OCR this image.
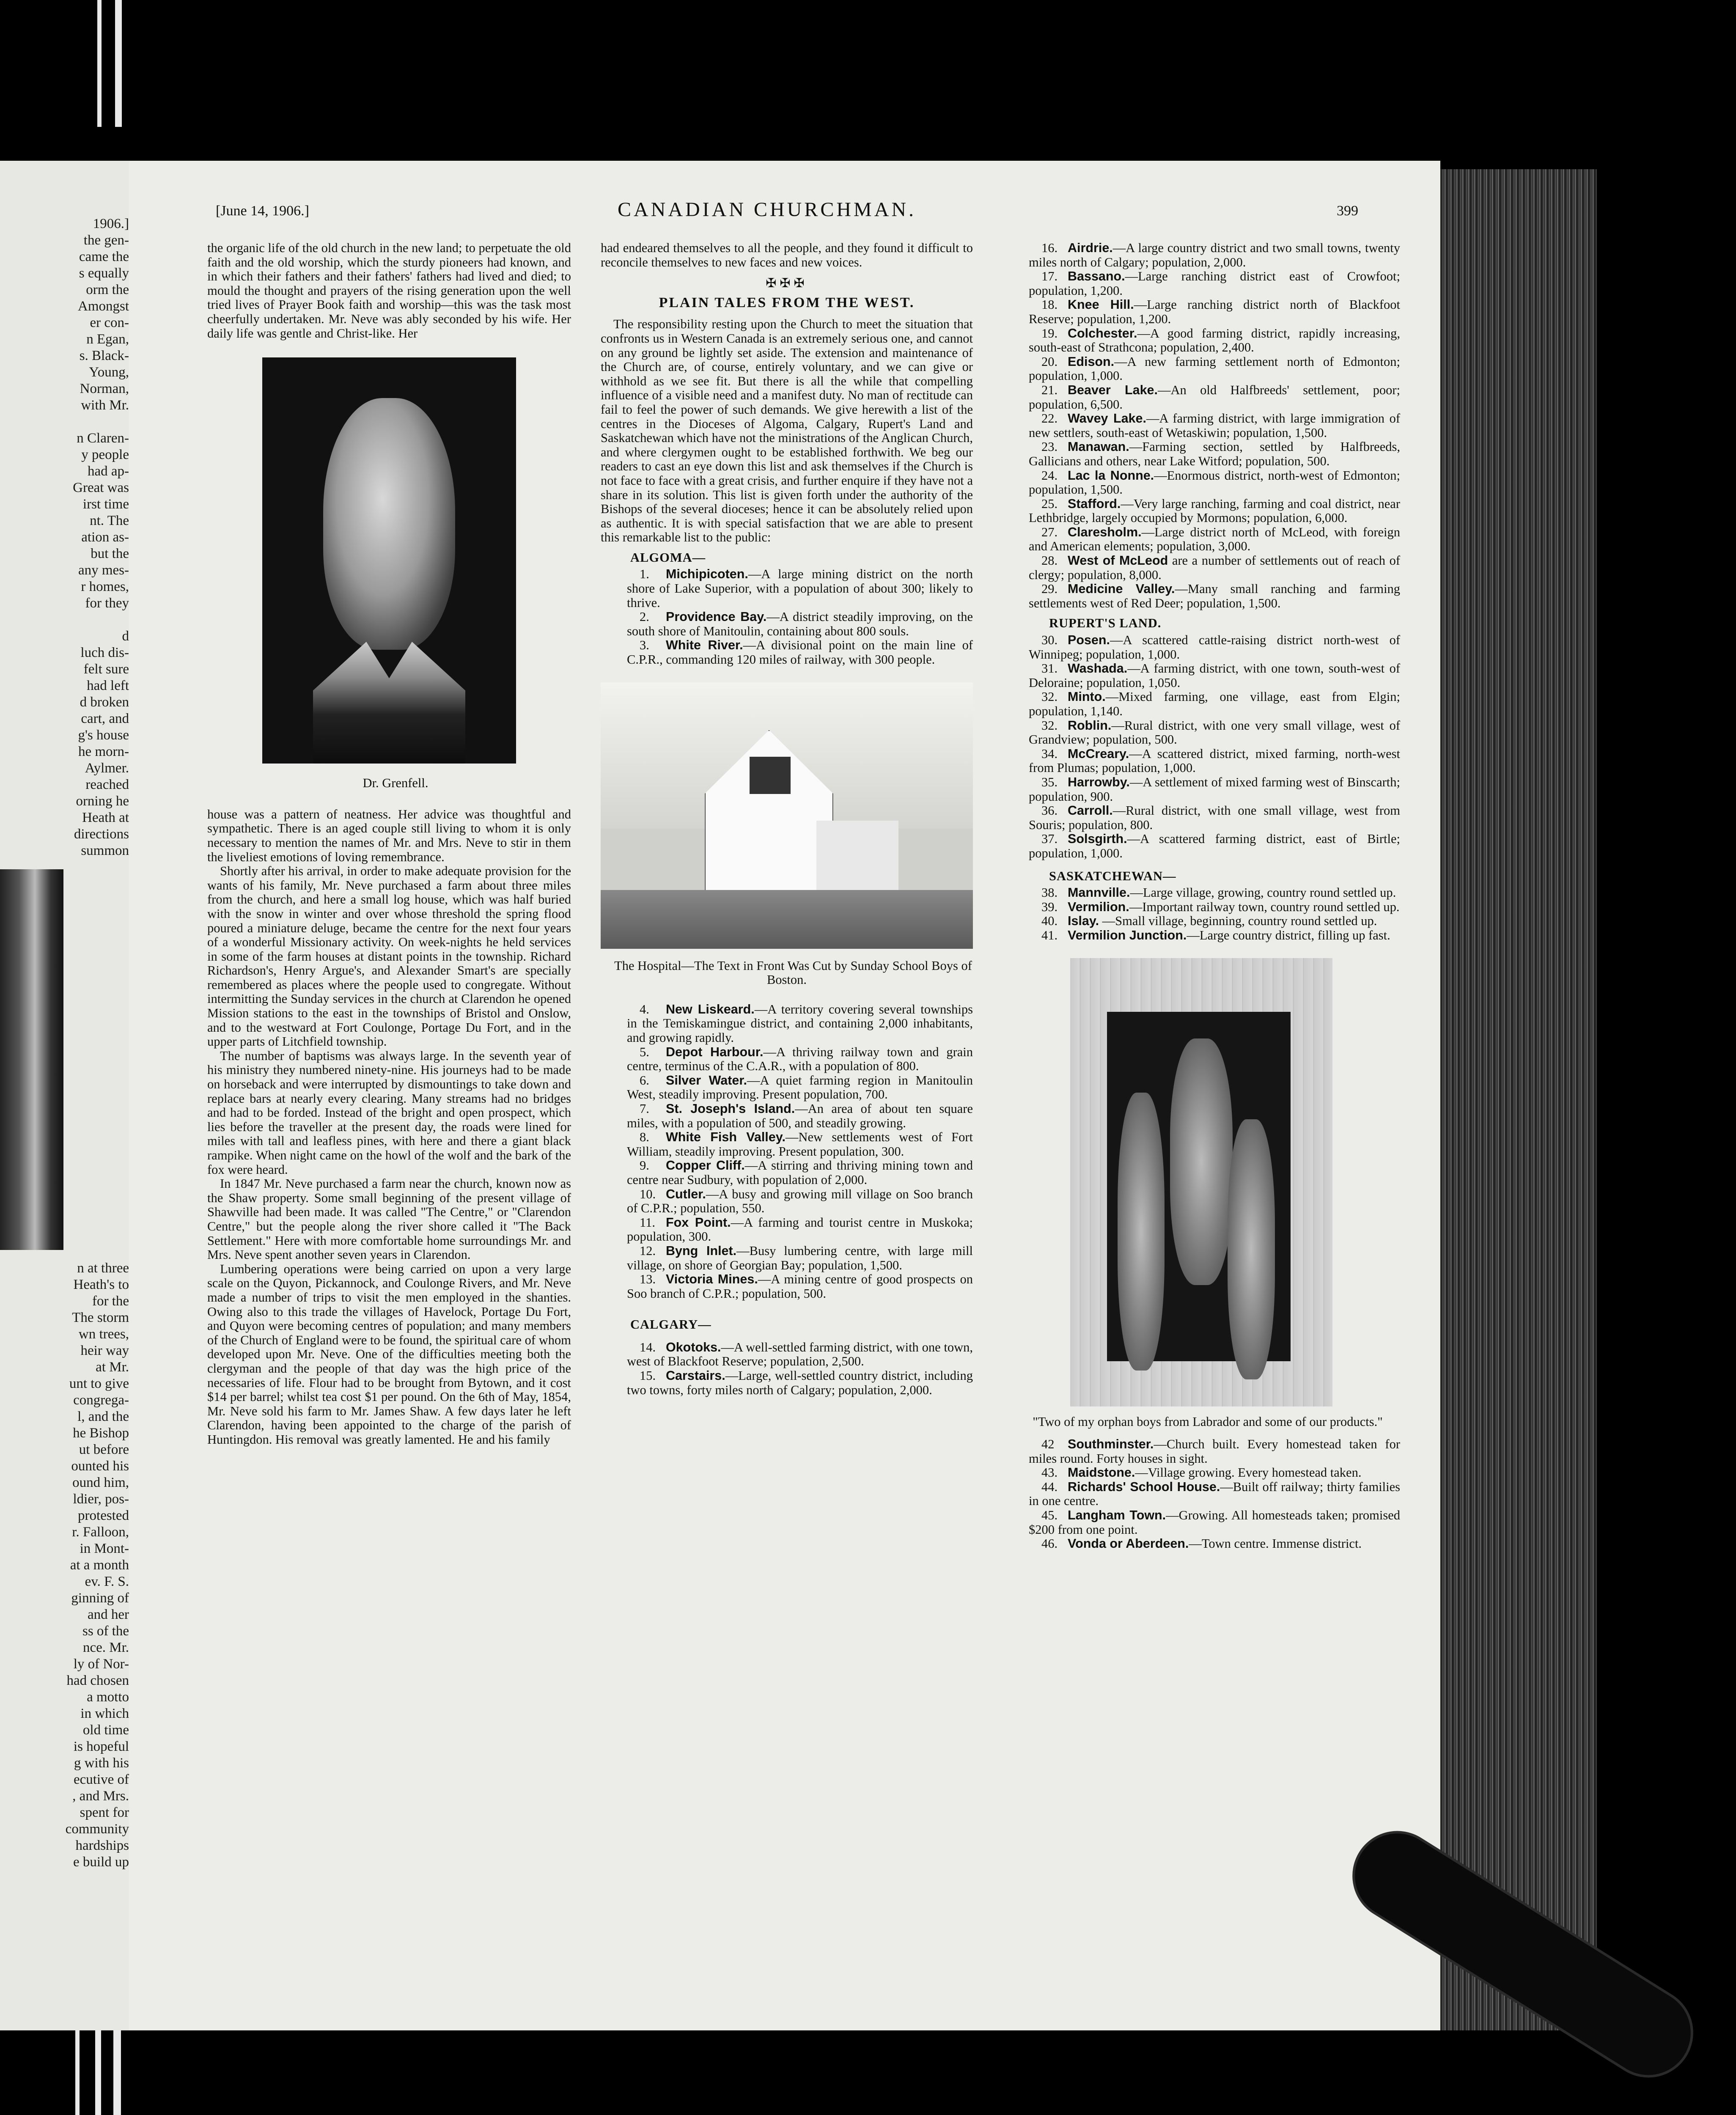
1906.]
the gen-
came the
s equally
orm the
Amongst
er con-
n Egan,
s. Black-
Young,
Norman,
with Mr.

n Claren-
y people
had ap-
Great was
irst time
nt. The
ation as-
but the
any mes-
r homes,
for they

d
luch dis-
felt sure
had left
d broken
cart, and
g's house
he morn-
Aylmer.
reached
orning he
Heath at
directions
summon
n at three
Heath's to
for the
The storm
wn trees,
heir way
at Mr.
unt to give
congrega-
l, and the
he Bishop
ut before
ounted his
ound him,
ldier, pos-
protested
r. Falloon,
in Mont-
at a month
ev. F. S.
ginning of
and her
ss of the
nce. Mr.
ly of Nor-
had chosen
a motto
in which
old time
is hopeful
g with his
ecutive of
, and Mrs.
spent for
community
hardships
e build up
[June 14, 1906.]	CANADIAN CHURCHMAN.	399

the organic life of the old church in the new land; to perpetuate the old faith and the old worship, which the sturdy pioneers had known, and in which their fathers and their fathers' fathers had lived and died; to mould the thought and prayers of the rising generation upon the well tried lives of Prayer Book faith and worship—this was the task most cheerfully undertaken. Mr. Neve was ably seconded by his wife. Her daily life was gentle and Christ-like. Her

Dr. Grenfell.

house was a pattern of neatness. Her advice was thoughtful and sympathetic. There is an aged couple still living to whom it is only necessary to mention the names of Mr. and Mrs. Neve to stir in them the liveliest emotions of loving remembrance.

Shortly after his arrival, in order to make adequate provision for the wants of his family, Mr. Neve purchased a farm about three miles from the church, and here a small log house, which was half buried with the snow in winter and over whose threshold the spring flood poured a miniature deluge, became the centre for the next four years of a wonderful Missionary activity. On week-nights he held services in some of the farm houses at distant points in the township. Richard Richardson's, Henry Argue's, and Alexander Smart's are specially remembered as places where the people used to congregate. Without intermitting the Sunday services in the church at Clarendon he opened Mission stations to the east in the townships of Bristol and Onslow, and to the westward at Fort Coulonge, Portage Du Fort, and in the upper parts of Litchfield township.

The number of baptisms was always large. In the seventh year of his ministry they numbered ninety-nine. His journeys had to be made on horseback and were interrupted by dismountings to take down and replace bars at nearly every clearing. Many streams had no bridges and had to be forded. Instead of the bright and open prospect, which lies before the traveller at the present day, the roads were lined for miles with tall and leafless pines, with here and there a giant black rampike. When night came on the howl of the wolf and the bark of the fox were heard.

In 1847 Mr. Neve purchased a farm near the church, known now as the Shaw property. Some small beginning of the present village of Shawville had been made. It was called "The Centre," or "Clarendon Centre," but the people along the river shore called it "The Back Settlement." Here with more comfortable home surroundings Mr. and Mrs. Neve spent another seven years in Clarendon.

Lumbering operations were being carried on upon a very large scale on the Quyon, Pickannock, and Coulonge Rivers, and Mr. Neve made a number of trips to visit the men employed in the shanties. Owing also to this trade the villages of Havelock, Portage Du Fort, and Quyon were becoming centres of population; and many members of the Church of England were to be found, the spiritual care of whom developed upon Mr. Neve. One of the difficulties meeting both the clergyman and the people of that day was the high price of the necessaries of life. Flour had to be brought from Bytown, and it cost $14 per barrel; whilst tea cost $1 per pound. On the 6th of May, 1854, Mr. Neve sold his farm to Mr. James Shaw. A few days later he left Clarendon, having been appointed to the charge of the parish of Huntingdon. His removal was greatly lamented. He and his family

had endeared themselves to all the people, and they found it difficult to reconcile themselves to new faces and new voices.

✠✠✠
PLAIN TALES FROM THE WEST.

The responsibility resting upon the Church to meet the situation that confronts us in Western Canada is an extremely serious one, and cannot on any ground be lightly set aside. The extension and maintenance of the Church are, of course, entirely voluntary, and we can give or withhold as we see fit. But there is all the while that compelling influence of a visible need and a manifest duty. No man of rectitude can fail to feel the power of such demands. We give herewith a list of the centres in the Dioceses of Algoma, Calgary, Rupert's Land and Saskatchewan which have not the ministrations of the Anglican Church, and where clergymen ought to be established forthwith. We beg our readers to cast an eye down this list and ask themselves if the Church is not face to face with a great crisis, and further enquire if they have not a share in its solution. This list is given forth under the authority of the Bishops of the several dioceses; hence it can be absolutely relied upon as authentic. It is with special satisfaction that we are able to present this remarkable list to the public:

ALGOMA—

1. Michipicoten.—A large mining district on the north shore of Lake Superior, with a population of about 300; likely to thrive.

2. Providence Bay.—A district steadily improving, on the south shore of Manitoulin, containing about 800 souls.

3. White River.—A divisional point on the main line of C.P.R., commanding 120 miles of railway, with 300 people.

The Hospital—The Text in Front Was Cut by Sunday School Boys of Boston.

4. New Liskeard.—A territory covering several townships in the Temiskamingue district, and containing 2,000 inhabitants, and growing rapidly.

5. Depot Harbour.—A thriving railway town and grain centre, terminus of the C.A.R., with a population of 800.

6. Silver Water.—A quiet farming region in Manitoulin West, steadily improving. Present population, 700.

7. St. Joseph's Island.—An area of about ten square miles, with a population of 500, and steadily growing.

8. White Fish Valley.—New settlements west of Fort William, steadily improving. Present population, 300.

9. Copper Cliff.—A stirring and thriving mining town and centre near Sudbury, with population of 2,000.

10. Cutler.—A busy and growing mill village on Soo branch of C.P.R.; population, 550.

11. Fox Point.—A farming and tourist centre in Muskoka; population, 300.

12. Byng Inlet.—Busy lumbering centre, with large mill village, on shore of Georgian Bay; population, 1,500.

13. Victoria Mines.—A mining centre of good prospects on Soo branch of C.P.R.; population, 500.

CALGARY—

14. Okotoks.—A well-settled farming district, with one town, west of Blackfoot Reserve; population, 2,500.

15. Carstairs.—Large, well-settled country district, including two towns, forty miles north of Calgary; population, 2,000.

16. Airdrie.—A large country district and two small towns, twenty miles north of Calgary; population, 2,000.

17. Bassano.—Large ranching district east of Crowfoot; population, 1,200.

18. Knee Hill.—Large ranching district north of Blackfoot Reserve; population, 1,200.

19. Colchester.—A good farming district, rapidly increasing, south-east of Strathcona; population, 2,400.

20. Edison.—A new farming settlement north of Edmonton; population, 1,000.

21. Beaver Lake.—An old Halfbreeds' settlement, poor; population, 6,500.

22. Wavey Lake.—A farming district, with large immigration of new settlers, south-east of Wetaskiwin; population, 1,500.

23. Manawan.—Farming section, settled by Halfbreeds, Gallicians and others, near Lake Witford; population, 500.

24. Lac la Nonne.—Enormous district, north-west of Edmonton; population, 1,500.

25. Stafford.—Very large ranching, farming and coal district, near Lethbridge, largely occupied by Mormons; population, 6,000.

27. Claresholm.—Large district north of McLeod, with foreign and American elements; population, 3,000.

28. West of McLeod are a number of settlements out of reach of clergy; population, 8,000.

29. Medicine Valley.—Many small ranching and farming settlements west of Red Deer; population, 1,500.

RUPERT'S LAND.

30. Posen.—A scattered cattle-raising district north-west of Winnipeg; population, 1,000.

31. Washada.—A farming district, with one town, south-west of Deloraine; population, 1,050.

32. Minto.—Mixed farming, one village, east from Elgin; population, 1,140.

32. Roblin.—Rural district, with one very small village, west of Grandview; population, 500.

34. McCreary.—A scattered district, mixed farming, north-west from Plumas; population, 1,000.

35. Harrowby.—A settlement of mixed farming west of Binscarth; population, 900.

36. Carroll.—Rural district, with one small village, west from Souris; population, 800.

37. Solsgirth.—A scattered farming district, east of Birtle; population, 1,000.

SASKATCHEWAN—

38. Mannville.—Large village, growing, country round settled up.

39. Vermilion.—Important railway town, country round settled up.

40. Islay. —Small village, beginning, country round settled up.

41. Vermilion Junction.—Large country district, filling up fast.

"Two of my orphan boys from Labrador and some of our products."

42 Southminster.—Church built. Every homestead taken for miles round. Forty houses in sight.

43. Maidstone.—Village growing. Every homestead taken.

44. Richards' School House.—Built off railway; thirty families in one centre.

45. Langham Town.—Growing. All homesteads taken; promised $200 from one point.

46. Vonda or Aberdeen.—Town centre. Immense district.
